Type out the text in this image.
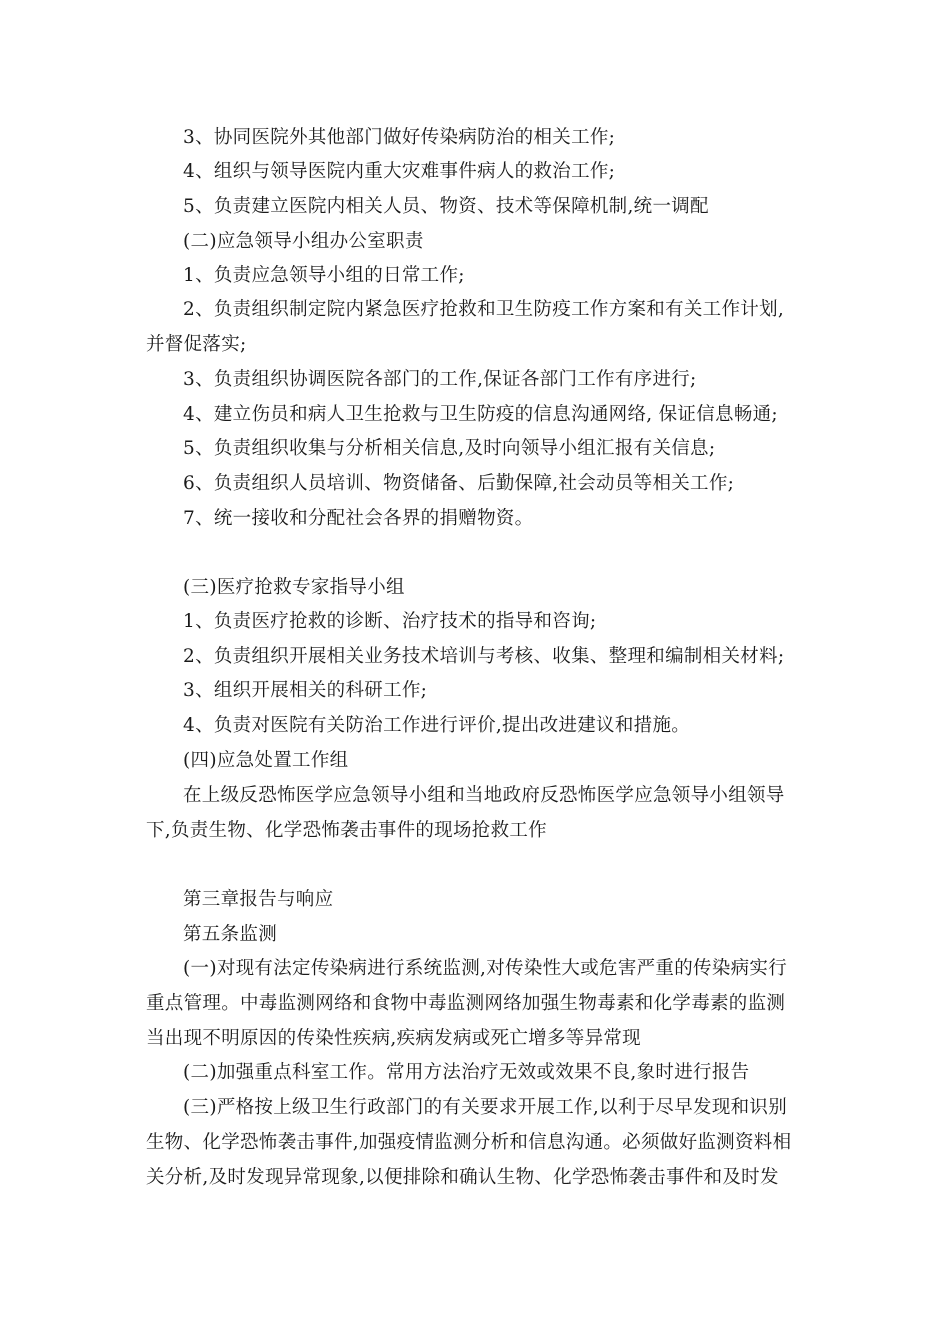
3、协同医院外其他部门做好传染病防治的相关工作;
4、组织与领导医院内重大灾难事件病人的救治工作;
5、负责建立医院内相关人员、物资、技术等保障机制,统一调配
(二)应急领导小组办公室职责
1、负责应急领导小组的日常工作;
2、负责组织制定院内紧急医疗抢救和卫生防疫工作方案和有关工作计划,
并督促落实;
3、负责组织协调医院各部门的工作,保证各部门工作有序进行;
4、建立伤员和病人卫生抢救与卫生防疫的信息沟通网络, 保证信息畅通;
5、负责组织收集与分析相关信息,及时向领导小组汇报有关信息;
6、负责组织人员培训、物资储备、后勤保障,社会动员等相关工作;
7、统一接收和分配社会各界的捐赠物资。
(三)医疗抢救专家指导小组
1、负责医疗抢救的诊断、治疗技术的指导和咨询;
2、负责组织开展相关业务技术培训与考核、收集、整理和编制相关材料;
3、组织开展相关的科研工作;
4、负责对医院有关防治工作进行评价,提出改进建议和措施。
(四)应急处置工作组
在上级反恐怖医学应急领导小组和当地政府反恐怖医学应急领导小组领导
下,负责生物、化学恐怖袭击事件的现场抢救工作
第三章报告与响应
第五条监测
(一)对现有法定传染病进行系统监测,对传染性大或危害严重的传染病实行
重点管理。中毒监测网络和食物中毒监测网络加强生物毒素和化学毒素的监测
当出现不明原因的传染性疾病,疾病发病或死亡增多等异常现
(二)加强重点科室工作。常用方法治疗无效或效果不良,象时进行报告
(三)严格按上级卫生行政部门的有关要求开展工作,以利于尽早发现和识别
生物、化学恐怖袭击事件,加强疫情监测分析和信息沟通。必须做好监测资料相
关分析,及时发现异常现象,以便排除和确认生物、化学恐怖袭击事件和及时发
